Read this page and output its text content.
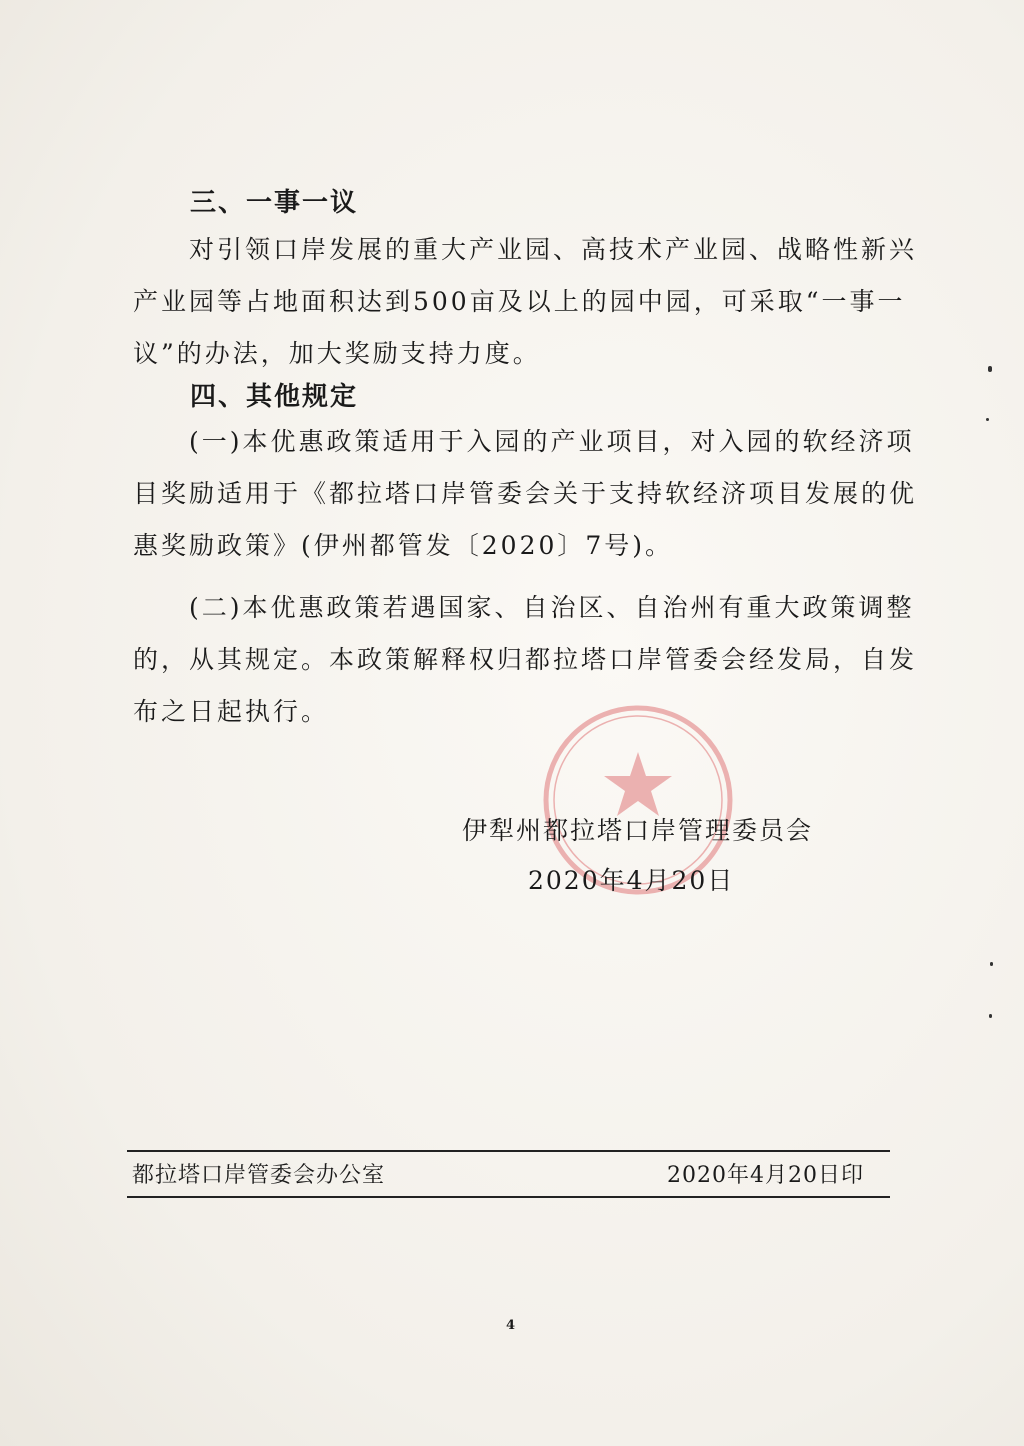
三、一事一议

对引领口岸发展的重大产业园、高技术产业园、战略性新兴
产业园等占地面积达到500亩及以上的园中园，可采取“一事一
议”的办法，加大奖励支持力度。

四、其他规定

(一)本优惠政策适用于入园的产业项目，对入园的软经济项
目奖励适用于《都拉塔口岸管委会关于支持软经济项目发展的优
惠奖励政策》(伊州都管发〔2020〕7号)。

(二)本优惠政策若遇国家、自治区、自治州有重大政策调整
的，从其规定。本政策解释权归都拉塔口岸管委会经发局，自发
布之日起执行。

伊犁州都拉塔口岸管理委员会
2020年4月20日
都拉塔口岸管委会办公室	2020年4月20日印
4
